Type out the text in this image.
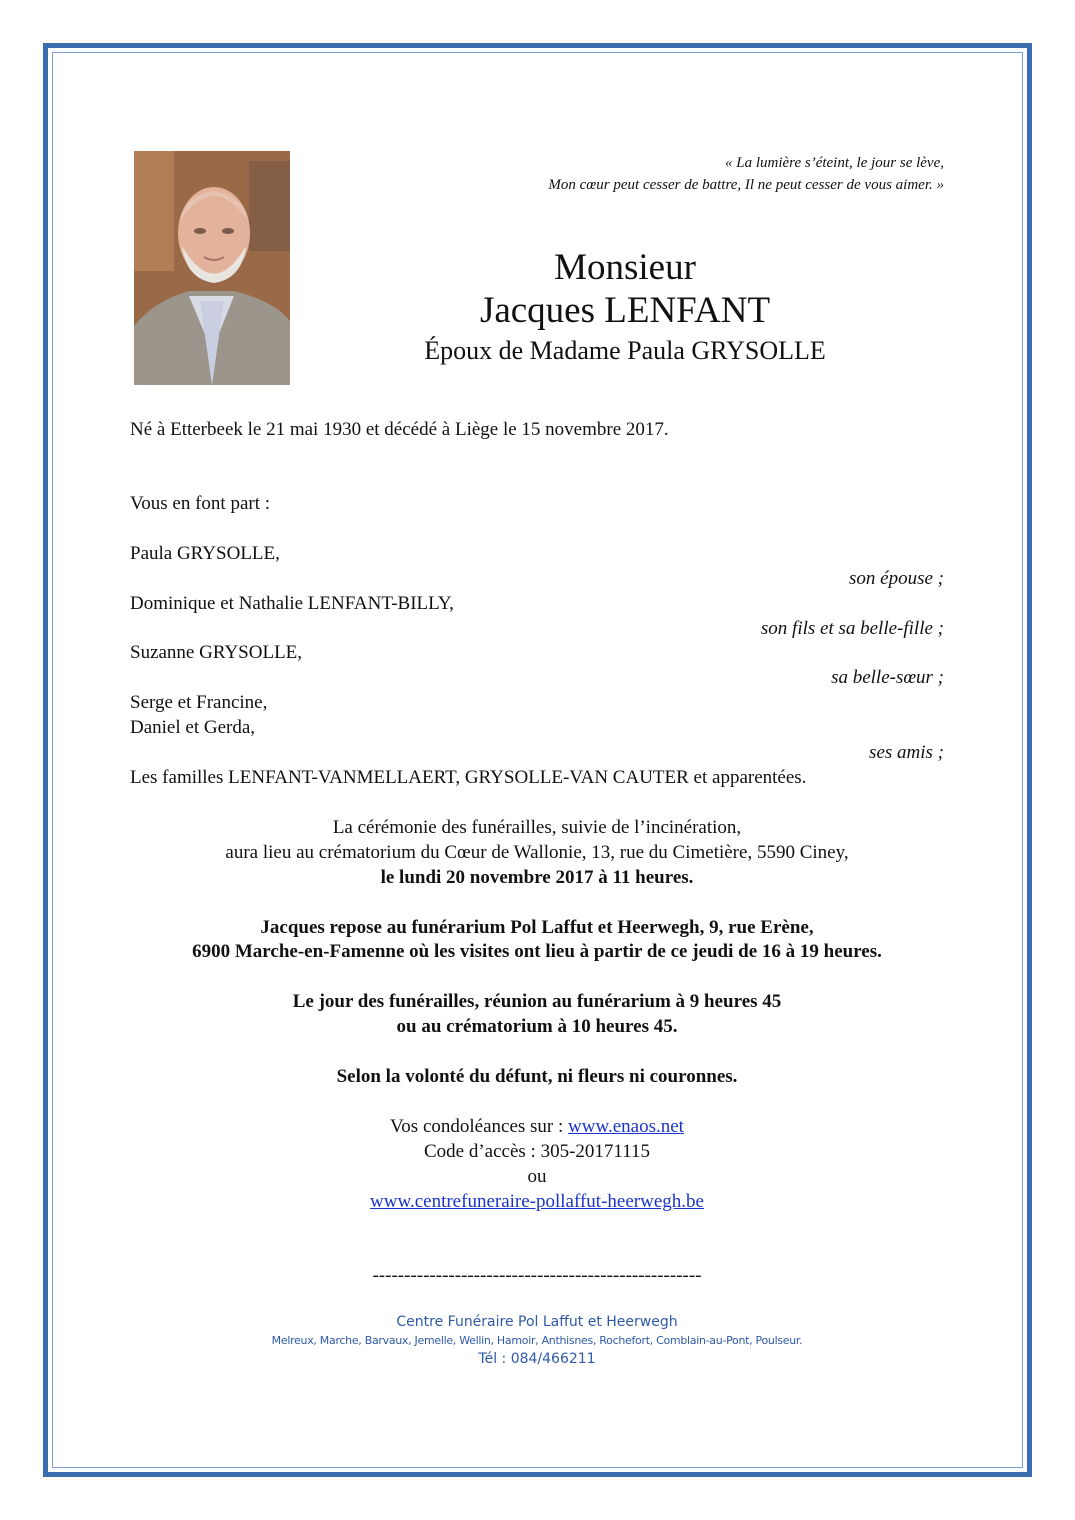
« La lumière s’éteint, le jour se lève,
Mon cœur peut cesser de battre, Il ne peut cesser de vous aimer. »
Monsieur
Jacques LENFANT
Époux de Madame Paula GRYSOLLE
Né à Etterbeek le 21 mai 1930 et décédé à Liège le 15 novembre 2017.
Vous en font part :
Paula GRYSOLLE,
son épouse ;
Dominique et Nathalie LENFANT-BILLY,
son fils et sa belle-fille ;
Suzanne GRYSOLLE,
sa belle-sœur ;
Serge et Francine,
Daniel et Gerda,
ses amis ;
Les familles LENFANT-VANMELLAERT, GRYSOLLE-VAN CAUTER et apparentées.
La cérémonie des funérailles, suivie de l’incinération,
aura lieu au crématorium du Cœur de Wallonie, 13, rue du Cimetière, 5590 Ciney,
le lundi 20 novembre 2017 à 11 heures.
Jacques repose au funérarium Pol Laffut et Heerwegh, 9, rue Erène,
6900 Marche-en-Famenne où les visites ont lieu à partir de ce jeudi de 16 à 19 heures.
Le jour des funérailles, réunion au funérarium à 9 heures 45
ou au crématorium à 10 heures 45.
Selon la volonté du défunt, ni fleurs ni couronnes.
Vos condoléances sur : www.enaos.net
Code d’accès : 305-20171115
ou
www.centrefuneraire-pollaffut-heerwegh.be
----------------------------------------------------
Centre Funéraire Pol Laffut et Heerwegh
Melreux, Marche, Barvaux, Jemelle, Wellin, Hamoir, Anthisnes, Rochefort, Comblain-au-Pont, Poulseur.
Tél : 084/466211
